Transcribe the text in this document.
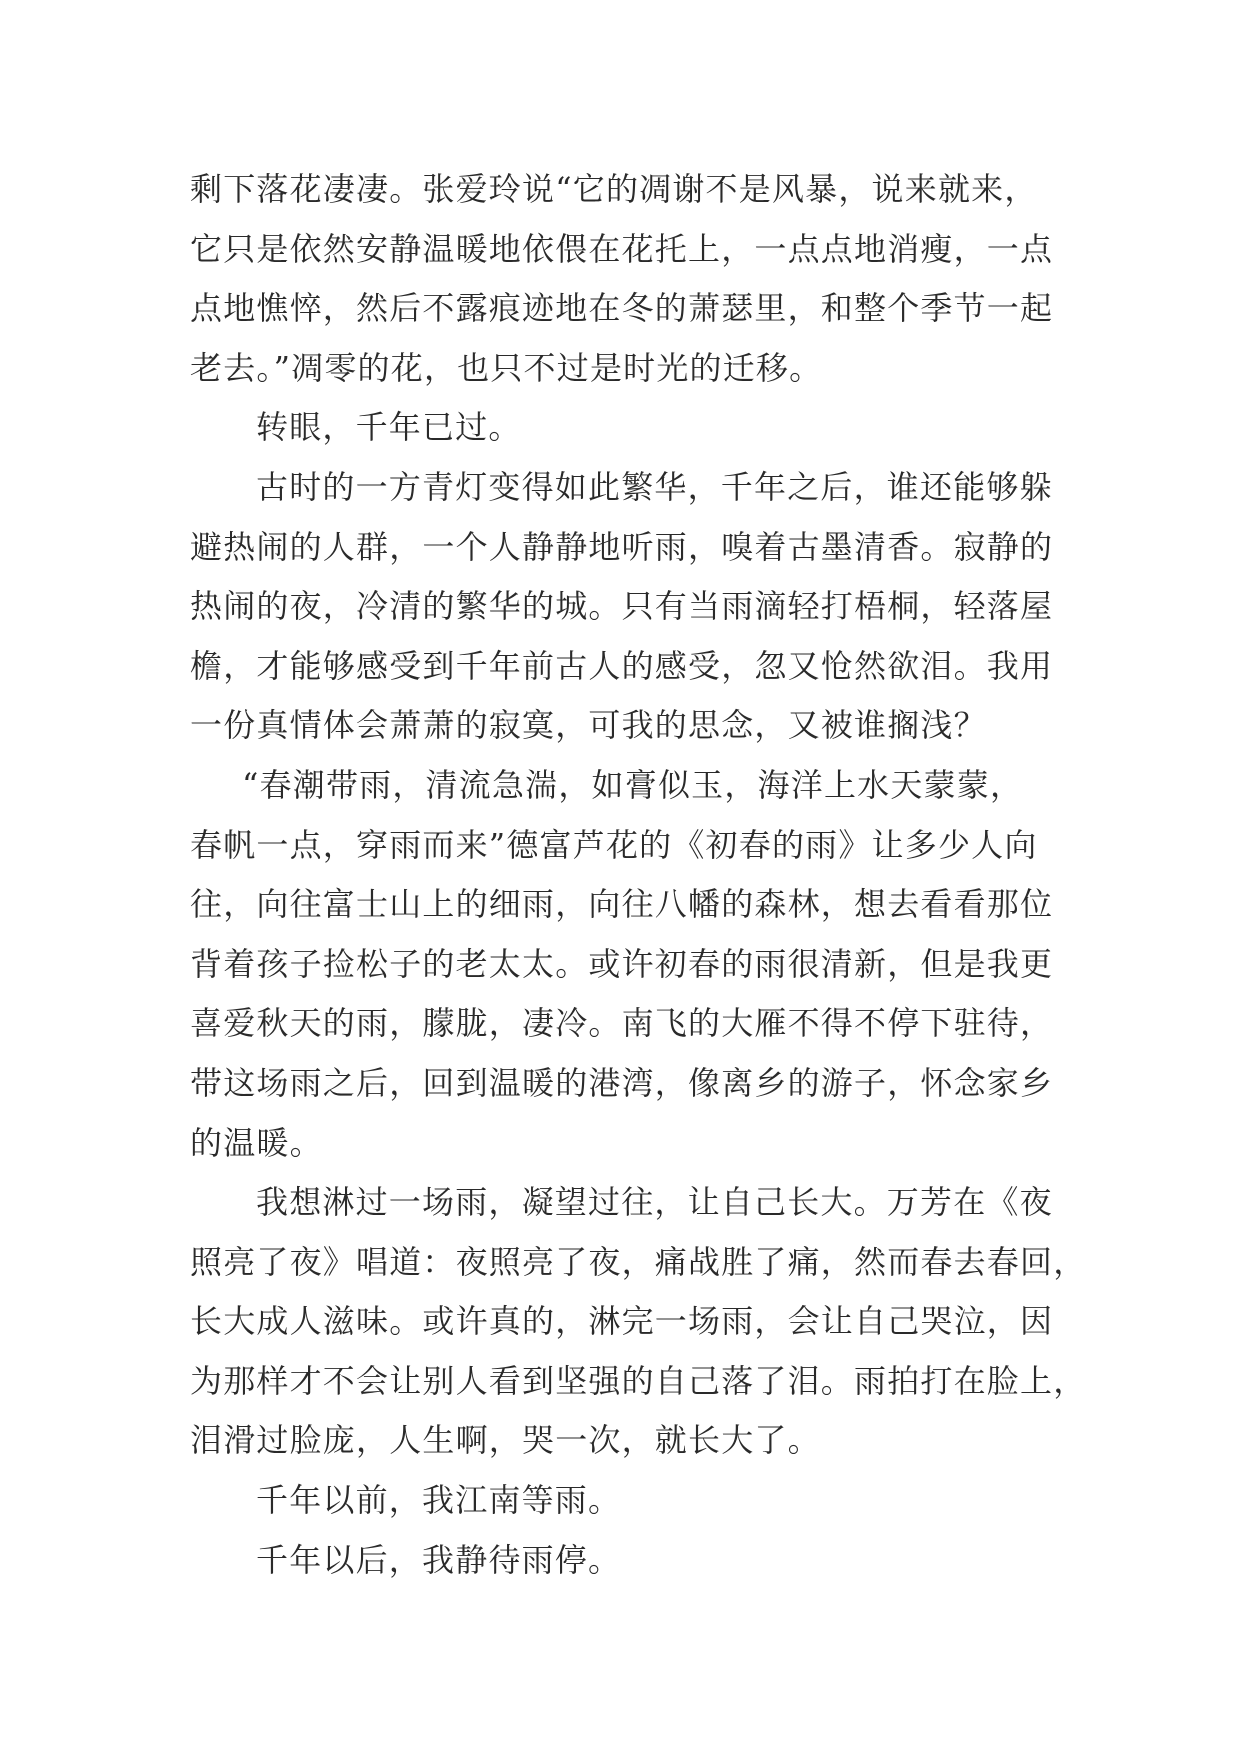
剩下落花凄凄。张爱玲说“它的凋谢不是风暴，说来就来，
它只是依然安静温暖地依偎在花托上，一点点地消瘦，一点
点地憔悴，然后不露痕迹地在冬的萧瑟里，和整个季节一起
老去。”凋零的花，也只不过是时光的迁移。
转眼，千年已过。
古时的一方青灯变得如此繁华，千年之后，谁还能够躲
避热闹的人群，一个人静静地听雨，嗅着古墨清香。寂静的
热闹的夜，冷清的繁华的城。只有当雨滴轻打梧桐，轻落屋
檐，才能够感受到千年前古人的感受，忽又怆然欲泪。我用
一份真情体会萧萧的寂寞，可我的思念，又被谁搁浅？
“春潮带雨，清流急湍，如膏似玉，海洋上水天蒙蒙，
春帆一点，穿雨而来”德富芦花的《初春的雨》让多少人向
往，向往富士山上的细雨，向往八幡的森林，想去看看那位
背着孩子捡松子的老太太。或许初春的雨很清新，但是我更
喜爱秋天的雨，朦胧，凄冷。南飞的大雁不得不停下驻待，
带这场雨之后，回到温暖的港湾，像离乡的游子，怀念家乡
的温暖。
我想淋过一场雨，凝望过往，让自己长大。万芳在《夜
照亮了夜》唱道：夜照亮了夜，痛战胜了痛，然而春去春回，
长大成人滋味。或许真的，淋完一场雨，会让自己哭泣，因
为那样才不会让别人看到坚强的自己落了泪。雨拍打在脸上，
泪滑过脸庞，人生啊，哭一次，就长大了。
千年以前，我江南等雨。
千年以后，我静待雨停。
